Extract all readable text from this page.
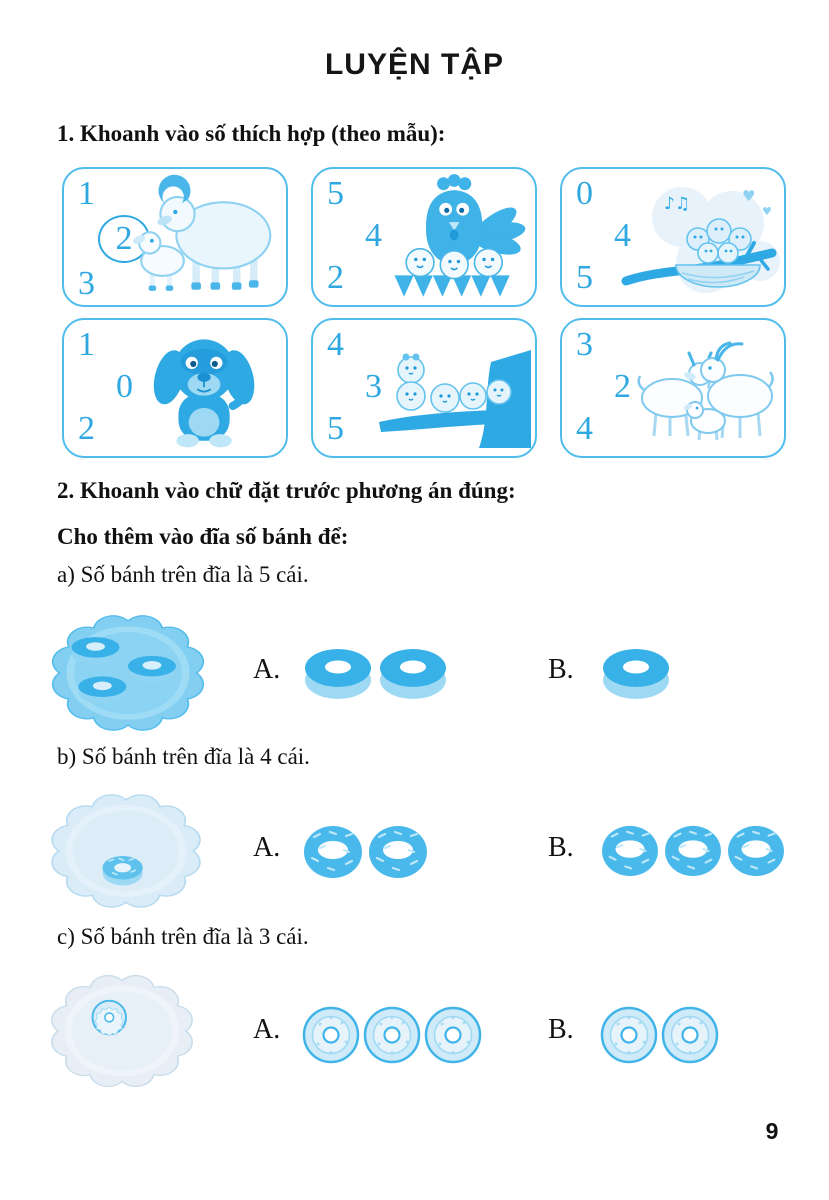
LUYỆN TẬP
1. Khoanh vào số thích hợp (theo mẫu):
1
2
3
5
4
2
0
4
5
♪♫	♥
♥
1
0
2
4
3
5
3
2
4
2. Khoanh vào chữ đặt trước phương án đúng:
Cho thêm vào đĩa số bánh để:
a) Số bánh trên đĩa là 5 cái.
A.	B.
b) Số bánh trên đĩa là 4 cái.
A.	B.
c) Số bánh trên đĩa là 3 cái.
A.	B.
9
